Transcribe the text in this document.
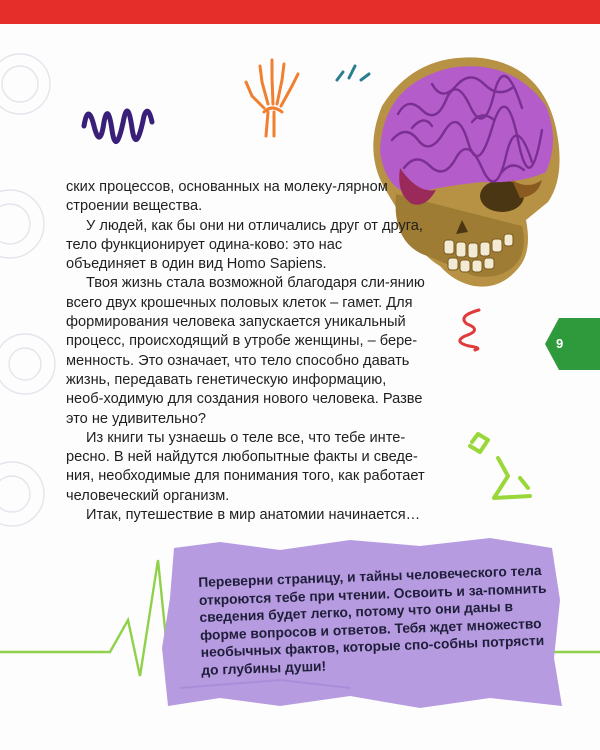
ских процессов, основанных на молеку-лярном строении вещества.

У людей, как бы они ни отличались друг от друга, тело функционирует одина-ково: это нас объединяет в один вид Homo Sapiens.

Твоя жизнь стала возможной благодаря сли-янию всего двух крошечных половых клеток – гамет. Для формирования человека запускается уникальный процесс, происходящий в утробе женщины, – бере-менность. Это означает, что тело способно давать жизнь, передавать генетическую информацию, необ-ходимую для создания нового человека. Разве это не удивительно?

Из книги ты узнаешь о теле все, что тебе инте-ресно. В ней найдутся любопытные факты и сведе-ния, необходимые для понимания того, как работает человеческий организм.

Итак, путешествие в мир анатомии начинается…

9

Переверни страницу, и тайны человеческого тела откроются тебе при чтении. Освоить и за-помнить сведения будет легко, потому что они даны в форме вопросов и ответов. Тебя ждет множество необычных фактов, которые спо-собны потрясти до глубины души!
